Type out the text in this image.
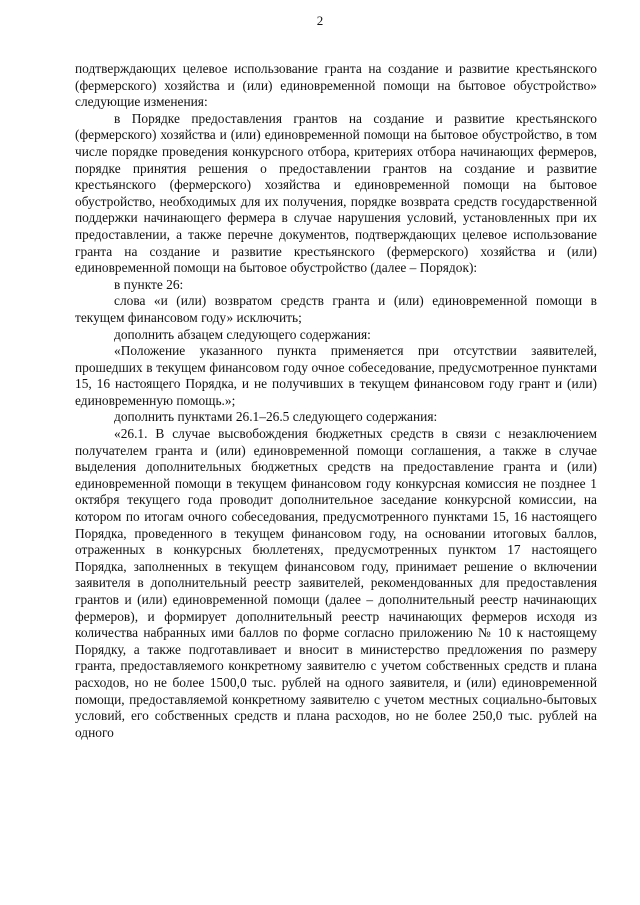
2

подтверждающих целевое использование гранта на создание и развитие крестьянского (фермерского) хозяйства и (или) единовременной помощи на бытовое обустройство» следующие изменения:

в Порядке предоставления грантов на создание и развитие крестьянского (фермерского) хозяйства и (или) единовременной помощи на бытовое обустройство, в том числе порядке проведения конкурсного отбора, критериях отбора начинающих фермеров, порядке принятия решения о предоставлении грантов на создание и развитие крестьянского (фермерского) хозяйства и единовременной помощи на бытовое обустройство, необходимых для их получения, порядке возврата средств государственной поддержки начинающего фермера в случае нарушения условий, установленных при их предоставлении, а также перечне документов, подтверждающих целевое использование гранта на создание и развитие крестьянского (фермерского) хозяйства и (или) единовременной помощи на бытовое обустройство (далее – Порядок):

в пункте 26:

слова «и (или) возвратом средств гранта и (или) единовременной помощи в текущем финансовом году» исключить;

дополнить абзацем следующего содержания:

«Положение указанного пункта применяется при отсутствии заявителей, прошедших в текущем финансовом году очное собеседование, предусмотренное пунктами 15, 16 настоящего Порядка, и не получивших в текущем финансовом году грант и (или) единовременную помощь.»;

дополнить пунктами 26.1–26.5 следующего содержания:

«26.1. В случае высвобождения бюджетных средств в связи с незаключением получателем гранта и (или) единовременной помощи соглашения, а также в случае выделения дополнительных бюджетных средств на предоставление гранта и (или) единовременной помощи в текущем финансовом году конкурсная комиссия не позднее 1 октября текущего года проводит дополнительное заседание конкурсной комиссии, на котором по итогам очного собеседования, предусмотренного пунктами 15, 16 настоящего Порядка, проведенного в текущем финансовом году, на основании итоговых баллов, отраженных в конкурсных бюллетенях, предусмотренных пунктом 17 настоящего Порядка, заполненных в текущем финансовом году, принимает решение о включении заявителя в дополнительный реестр заявителей, рекомендованных для предоставления грантов и (или) единовременной помощи (далее – дополнительный реестр начинающих фермеров), и формирует дополнительный реестр начинающих фермеров исходя из количества набранных ими баллов по форме согласно приложению № 10 к настоящему Порядку, а также подготавливает и вносит в министерство предложения по размеру гранта, предоставляемого конкретному заявителю с учетом собственных средств и плана расходов, но не более 1500,0 тыс. рублей на одного заявителя, и (или) единовременной помощи, предоставляемой конкретному заявителю с учетом местных социально-бытовых условий, его собственных средств и плана расходов, но не более 250,0 тыс. рублей на одного
